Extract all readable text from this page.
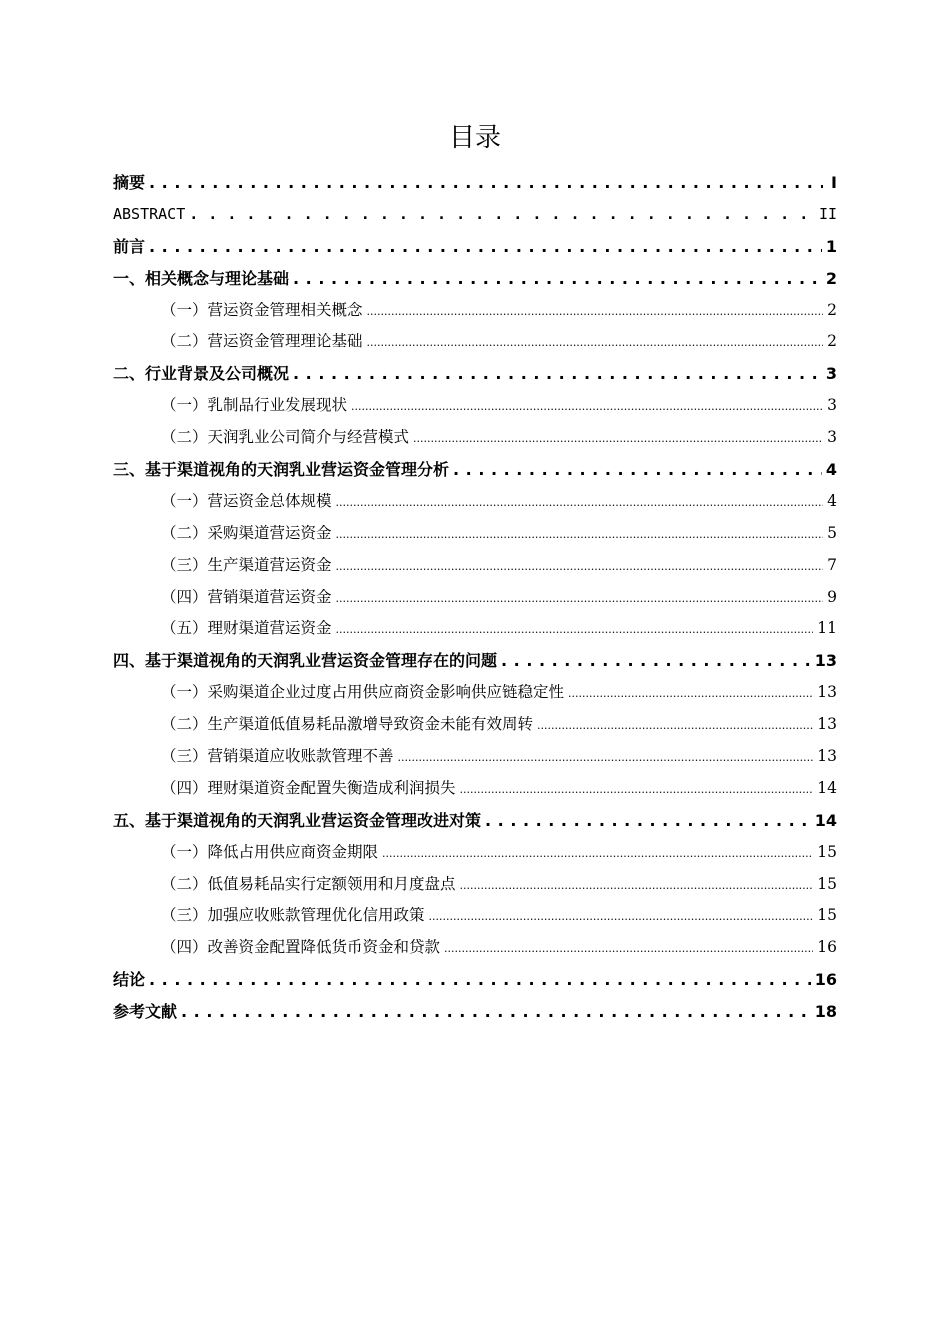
目录
摘要 . . .	I
ABSTRACT . . .	II
前言 . . .	1
一、 相关概念与理论基础 . . .	2
（一）营运资金管理相关概念 .....	2
（二）营运资金管理理论基础 .....	2
二、 行业背景及公司概况 . . .	3
（一）乳制品行业发展现状 .....	3
（二）天润乳业公司简介与经营模式 .....	3
三、 基于渠道视角的天润乳业营运资金管理分析 . . .	4
（一）营运资金总体规模 .....	4
（二）采购渠道营运资金 .....	5
（三）生产渠道营运资金 .....	7
（四）营销渠道营运资金 .....	9
（五）理财渠道营运资金 .....	11
四、 基于渠道视角的天润乳业营运资金管理存在的问题 . . .	13
（一）采购渠道企业过度占用供应商资金影响供应链稳定性 .....	13
（二）生产渠道低值易耗品激增导致资金未能有效周转 .....	13
（三）营销渠道应收账款管理不善 .....	13
（四）理财渠道资金配置失衡造成利润损失 .....	14
五、 基于渠道视角的天润乳业营运资金管理改进对策 . . .	14
（一）降低占用供应商资金期限 .....	15
（二）低值易耗品实行定额领用和月度盘点 .....	15
（三）加强应收账款管理优化信用政策 .....	15
（四）改善资金配置降低货币资金和贷款 .....	16
结论 . . .	16
参考文献 . . .	18
